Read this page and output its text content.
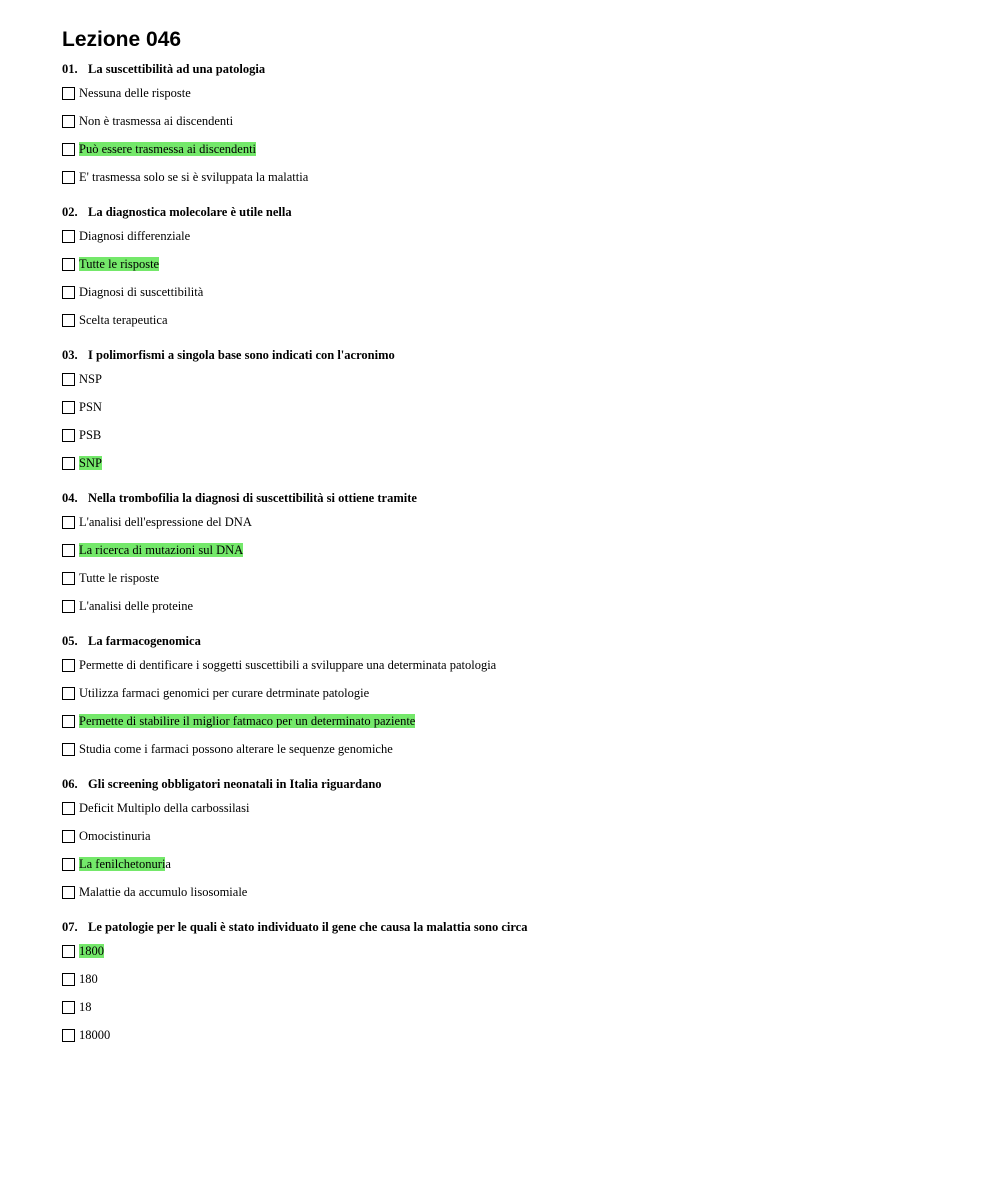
Lezione 046
01. La suscettibilità ad una patologia
Nessuna delle risposte
Non è trasmessa ai discendenti
Può essere trasmessa ai discendenti
E' trasmessa solo se si è sviluppata la malattia
02. La diagnostica molecolare è utile nella
Diagnosi differenziale
Tutte le risposte
Diagnosi di suscettibilità
Scelta terapeutica
03. I polimorfismi a singola base sono indicati con l'acronimo
NSP
PSN
PSB
SNP
04. Nella trombofilia la diagnosi di suscettibilità si ottiene tramite
L'analisi dell'espressione del DNA
La ricerca di mutazioni sul DNA
Tutte le risposte
L'analisi delle proteine
05. La farmacogenomica
Permette di dentificare i soggetti suscettibili a sviluppare una determinata patologia
Utilizza farmaci genomici per curare detrminate patologie
Permette di stabilire il miglior fatmaco per un determinato paziente
Studia come i farmaci possono alterare le sequenze genomiche
06. Gli screening obbligatori neonatali in Italia riguardano
Deficit Multiplo della carbossilasi
Omocistinuria
La fenilchetonuria
Malattie da accumulo lisosomiale
07. Le patologie per le quali è stato individuato il gene che causa la malattia sono circa
1800
180
18
18000
